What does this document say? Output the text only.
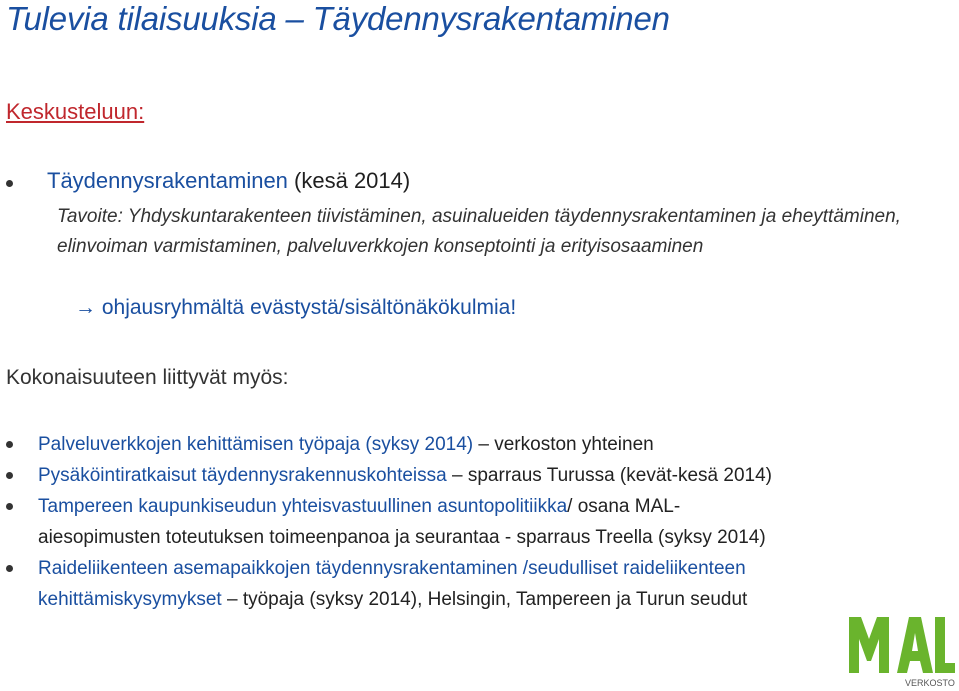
Tulevia tilaisuuksia – Täydennysrakentaminen
Keskusteluun:
Täydennysrakentaminen (kesä 2014)
Tavoite: Yhdyskuntarakenteen tiivistäminen, asuinalueiden täydennysrakentaminen ja eheyttäminen, elinvoiman varmistaminen, palveluverkkojen konseptointi ja erityisosaaminen
→ ohjausryhmältä evästystä/sisältönäkökulmia!
Kokonaisuuteen liittyvät myös:
Palveluverkkojen kehittämisen työpaja (syksy 2014) – verkoston yhteinen
Pysäköintiratkaisut täydennysrakennuskohteissa – sparraus Turussa (kevät-kesä 2014)
Tampereen kaupunkiseudun yhteisvastuullinen asuntopolitiikka/ osana MAL-
aiesopimusten toteutuksen toimeenpanoa ja seurantaa - sparraus Treella (syksy 2014)
Raideliikenteen asemapaikkojen täydennysrakentaminen /seudulliset raideliikenteen
kehittämiskysymykset – työpaja (syksy 2014), Helsingin, Tampereen ja Turun seudut
VERKOSTO
